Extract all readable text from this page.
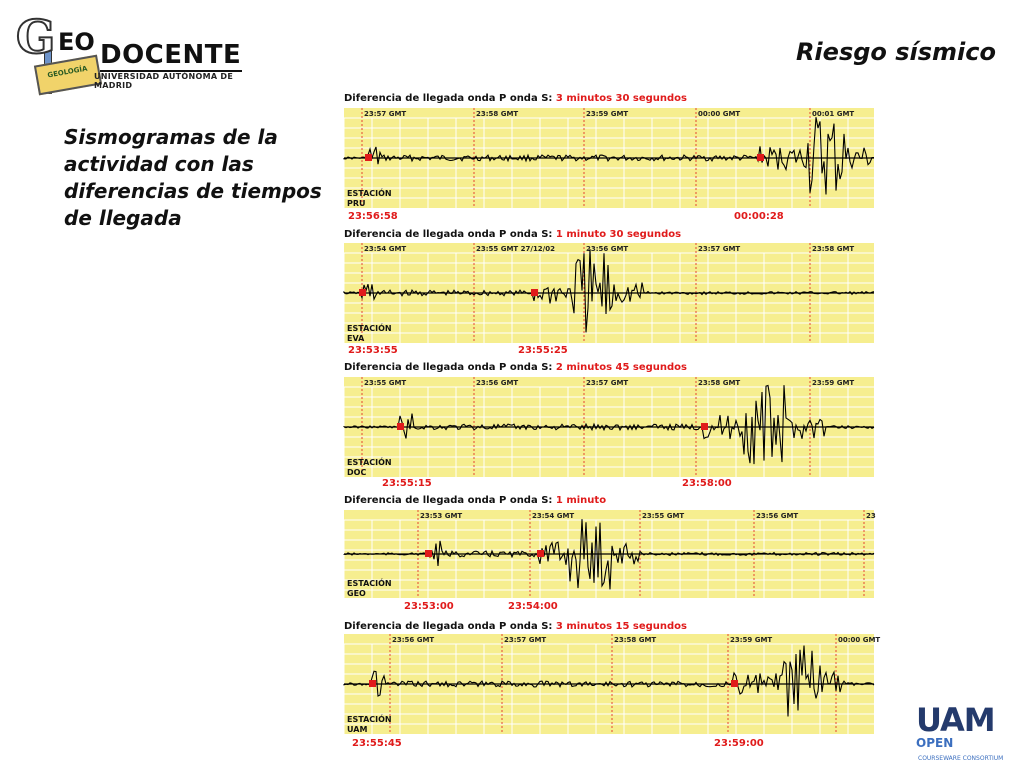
GEOLOGÍA
G EO DOCENTE
UNIVERSIDAD AUTÓNOMA DE MADRID
Riesgo sísmico
Sismogramas de la actividad con las diferencias de tiempos de llegada
Diferencia de llegada onda P onda S: 3 minutos 30 segundos
Diferencia de llegada onda P onda S: 1 minuto 30 segundos
Diferencia de llegada onda P onda S: 2 minutos 45 segundos
Diferencia de llegada onda P onda S: 1 minuto
Diferencia de llegada onda P onda S: 3 minutos 15 segundos
23:57 GMT	23:58 GMT	23:59 GMT	00:00 GMT	00:01 GMT
ESTACIÓN
PRU
23:54 GMT	23:55 GMT 27/12/02	23:56 GMT	23:57 GMT	23:58 GMT
ESTACIÓN
EVA
23:55 GMT	23:56 GMT	23:57 GMT	23:58 GMT	23:59 GMT
ESTACIÓN
DOC
23:53 GMT	23:54 GMT	23:55 GMT	23:56 GMT	23
ESTACIÓN
GEO
23:56 GMT	23:57 GMT	23:58 GMT	23:59 GMT	00:00 GMT
ESTACIÓN
UAM
23:56:58	00:00:28
23:53:55	23:55:25
23:55:15	23:58:00
23:53:00	23:54:00
23:55:45	23:59:00
UAM
OPENCOURSEWARE CONSORTIUM
